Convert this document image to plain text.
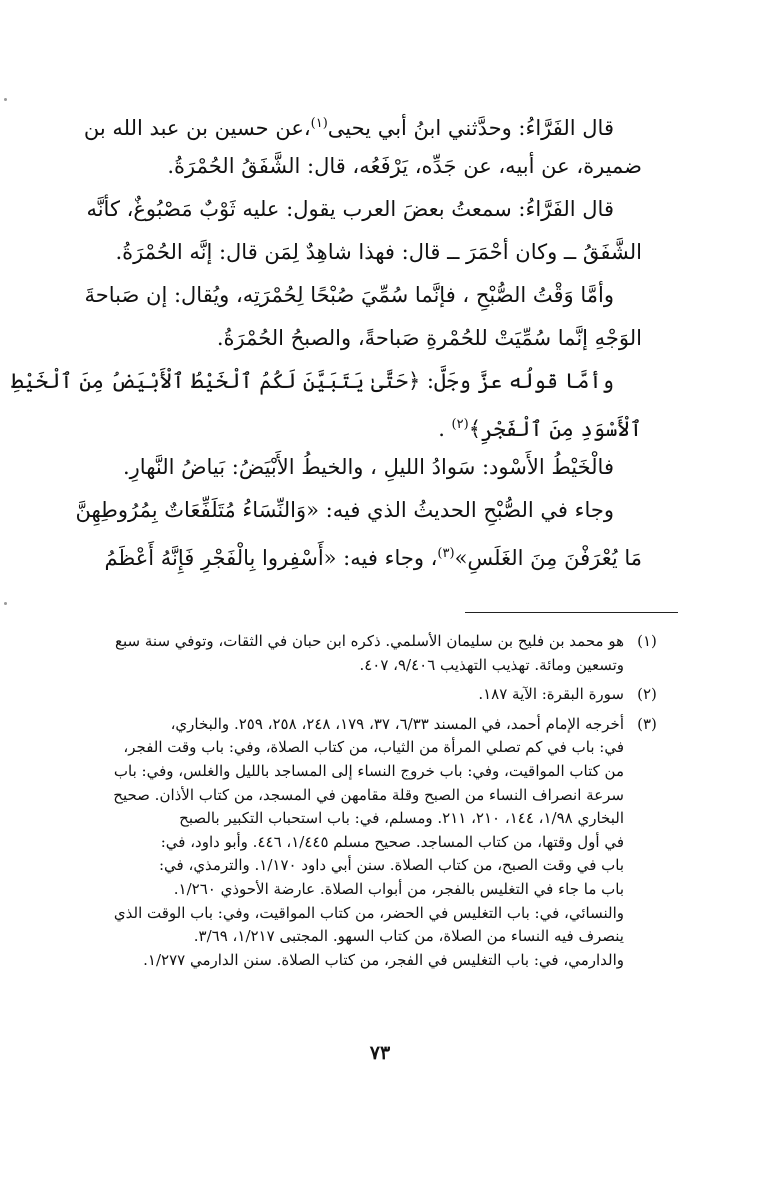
قال الفَرَّاءُ: وحدَّثني ابنُ أبي يحيى$^{(١)}$،عن حسين بن عبد الله بن
ضميرة، عن أبيه، عن جَدِّه، يَرْفَعُه، قال: الشَّفَقُ الحُمْرَةُ.
قال الفَرَّاءُ: سمعتُ بعضَ العرب يقول: عليه ثَوْبٌ مَصْبُوغٌ، كأنَّه
الشَّفَقُ ــ وكان أحْمَرَ ــ قال: فهذا شاهِدٌ لِمَن قال: إنَّه الحُمْرَةُ.
وأمَّا وَقْتُ الصُّبْحِ ، فإنَّما سُمِّيَ صُبْحًا لِحُمْرَتِه، ويُقال: إن صَباحةَ
الوَجْهِ إنَّما سُمِّيَتْ للحُمْرةِ صَباحةً، والصبحُ الحُمْرَةُ.
وأمَّا قولُه عزَّ وجَلَّ: ﴿حَتَّىٰ يَتَبَيَّنَ لَكُمُ ٱلْخَيْطُ ٱلْأَبْيَضُ مِنَ ٱلْخَيْطِ
ٱلْأَسْوَدِ مِنَ ٱلْفَجْرِ﴾$^{(٢)}$ .
فالْخَيْطُ الأَسْود: سَوادُ الليلِ ، والخيطُ الأَبْيَضُ: بَياضُ النَّهارِ.
وجاء في الصُّبْحِ الحديثُ الذي فيه: «وَالنِّسَاءُ مُتَلَفِّعَاتٌ بِمُرُوطِهِنَّ
مَا يُعْرَفْنَ مِنَ الغَلَسِ»$^{(٣)}$، وجاء فيه: «أَسْفِروا بِالْفَجْرِ فَإِنَّهُ أَعْظَمُ
(١)
هو محمد بن فليح بن سليمان الأسلمي. ذكره ابن حبان في الثقات، وتوفي سنة سبع
وتسعين ومائة. تهذيب التهذيب ٩/٤٠٦، ٤٠٧.
(٢)
سورة البقرة: الآية ١٨٧.
(٣)
أخرجه الإمام أحمد، في المسند ٦/٣٣، ٣٧، ١٧٩، ٢٤٨، ٢٥٨، ٢٥٩. والبخاري،
في: باب في كم تصلي المرأة من الثياب، من كتاب الصلاة، وفي: باب وقت الفجر،
من كتاب المواقيت، وفي: باب خروج النساء إلى المساجد بالليل والغلس، وفي: باب
سرعة انصراف النساء من الصبح وقلة مقامهن في المسجد، من كتاب الأذان. صحيح
البخاري ١/٩٨، ١٤٤، ٢١٠، ٢١١. ومسلم، في: باب استحباب التكبير بالصبح
في أول وقتها، من كتاب المساجد. صحيح مسلم ١/٤٤٥، ٤٤٦. وأبو داود، في:
باب في وقت الصبح، من كتاب الصلاة. سنن أبي داود ١/١٧٠. والترمذي، في:
باب ما جاء في التغليس بالفجر، من أبواب الصلاة. عارضة الأحوذي ١/٢٦٠.
والنسائي، في: باب التغليس في الحضر، من كتاب المواقيت، وفي: باب الوقت الذي
ينصرف فيه النساء من الصلاة، من كتاب السهو. المجتبى ١/٢١٧، ٣/٦٩.
والدارمي، في: باب التغليس في الفجر، من كتاب الصلاة. سنن الدارمي ١/٢٧٧.
٧٣
